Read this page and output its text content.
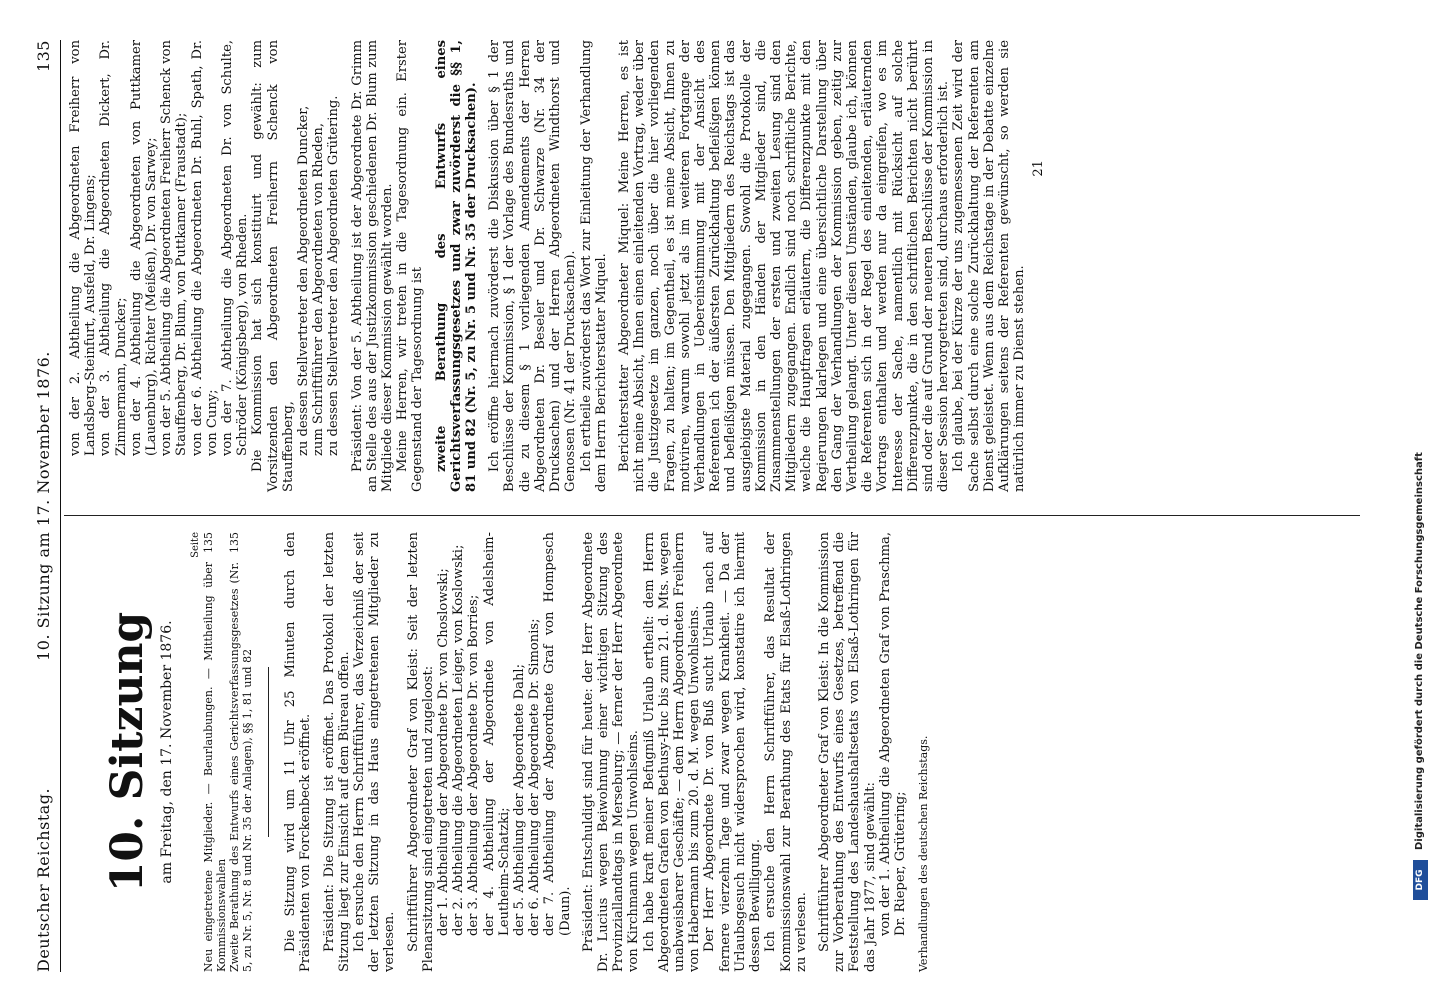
Deutscher Reichstag.
10. Sitzung am 17. November 1876.
135
10. Sitzung am Freitag, den 17. November 1876.
Seite
Neu eingetretene Mitglieder. — Beurlaubungen. — Mittheilung über Kommissionswahlen
135
Zweite Berathung des Entwurfs eines Gerichtsverfassungsgesetzes (Nr. 5, zu Nr. 5, Nr. 8 und Nr. 35 der Anlagen), §§ 1, 81 und 82
135	Die Sitzung wird um 11 Uhr 25 Minuten durch den Präsidenten von Forckenbeck eröffnet. Präsident: Die Sitzung ist eröffnet. Das Protokoll der letzten Sitzung liegt zur Einsicht auf dem Büreau offen. Ich ersuche den Herrn Schriftführer, das Verzeichniß der seit der letzten Sitzung in das Haus eingetretenen Mitglieder zu verlesen. Schriftführer Abgeordneter Graf von Kleist: Seit der letzten Plenarsitzung sind eingetreten und zugeloost: der 1. Abtheilung der Abgeordnete Dr. von Choslowski; der 2. Abtheilung die Abgeordneten Leiger, von Koslowski; der 3. Abtheilung der Abgeordnete Dr. von Borries; der 4. Abtheilung der Abgeordnete von Adelsheim-Leutheim-Schatzki; der 5. Abtheilung der Abgeordnete Dahl; der 6. Abtheilung der Abgeordnete Dr. Simonis; der 7. Abtheilung der Abgeordnete Graf von Hompesch (Daun). Präsident: Entschuldigt sind für heute: der Herr Abgeordnete Dr. Lucius wegen Beiwohnung einer wichtigen Sitzung des Provinziallandtags in Merseburg; — ferner der Herr Abgeordnete von Kirchmann wegen Unwohlseins. Ich habe kraft meiner Befugniß Urlaub ertheilt: dem Herrn Abgeordneten Grafen von Bethusy-Huc bis zum 21. d. Mts. wegen unabweisbarer Geschäfte; — dem Herrn Abgeordneten Freiherrn von Habermann bis zum 20. d. M. wegen Unwohlseins. Der Herr Abgeordnete Dr. von Buß sucht Urlaub nach auf fernere vierzehn Tage und zwar wegen Krankheit. — Da der Urlaubsgesuch nicht widersprochen wird, konstatire ich hiermit dessen Bewilligung. Ich ersuche den Herrn Schriftführer, das Resultat der Kommissionswahl zur Berathung des Etats für Elsaß-Lothringen zu verlesen. Schriftführer Abgeordneter Graf von Kleist: In die Kommission zur Vorberathung des Entwurfs eines Gesetzes, betreffend die Feststellung des Landeshaushaltsetats von Elsaß-Lothringen für das Jahr 1877, sind gewählt: von der 1. Abtheilung die Abgeordneten Graf von Praschma, Dr. Rieper, Grütering; Verhandlungen des deutschen Reichstags.

von der 2. Abtheilung die Abgeordneten Freiherr von Landsberg-Steinfurt, Ausfeld, Dr. Lingens; von der 3. Abtheilung die Abgeordneten Dickert, Dr. Zimmermann, Duncker; von der 4. Abtheilung die Abgeordneten von Puttkamer (Lauenburg), Richter (Meißen), Dr. von Sarwey; von der 5. Abtheilung die Abgeordneten Freiherr Schenck von Stauffenberg, Dr. Blum, von Puttkamer (Fraustadt); von der 6. Abtheilung die Abgeordneten Dr. Buhl, Spath, Dr. von Cuny; von der 7. Abtheilung die Abgeordneten Dr. von Schulte, Schröder (Königsberg), von Rheden. Die Kommission hat sich konstituirt und gewählt: zum Vorsitzenden den Abgeordneten Freiherrn Schenck von Stauffenberg, zu dessen Stellvertreter den Abgeordneten Duncker, zum Schriftführer den Abgeordneten von Rheden, zu dessen Stellvertreter den Abgeordneten Grütering. Präsident: Von der 5. Abtheilung ist der Abgeordnete Dr. Grimm an Stelle des aus der Justizkommission geschiedenen Dr. Blum zum Mitgliede dieser Kommission gewählt worden. Meine Herren, wir treten in die Tagesordnung ein. Erster Gegenstand der Tagesordnung ist zweite Berathung des Entwurfs eines Gerichtsverfassungsgesetzes und zwar zuvörderst die §§ 1, 81 und 82 (Nr. 5, zu Nr. 5 und Nr. 35 der Drucksachen). Ich eröffne hiermach zuvörderst die Diskussion über § 1 der Beschlüsse der Kommission, § 1 der Vorlage des Bundesraths und die zu diesem § 1 vorliegenden Amendements der Herren Abgeordneten Dr. Beseler und Dr. Schwarze (Nr. 34 der Drucksachen) und der Herren Abgeordneten Windthorst und Genossen (Nr. 41 der Drucksachen). Ich ertheile zuvörderst das Wort zur Einleitung der Verhandlung dem Herrn Berichterstatter Miquel. Berichterstatter Abgeordneter Miquel: Meine Herren, es ist nicht meine Absicht, Ihnen einen einleitenden Vortrag, weder über die Justizgesetze im ganzen, noch über die hier vorliegenden Fragen, zu halten; im Gegentheil, es ist meine Absicht, Ihnen zu motiviren, warum sowohl jetzt als im weiteren Fortgange der Verhandlungen in Uebereinstimmung mit der Ansicht des Referenten ich der äußersten Zurückhaltung befleißigen können und befleißigen müssen. Den Mitgliedern des Reichstags ist das ausgiebigste Material zugegangen. Sowohl die Protokolle der Kommission in den Händen der Mitglieder sind, die Zusammenstellungen der ersten und zweiten Lesung sind den Mitgliedern zugegangen. Endlich sind noch schriftliche Berichte, welche die Hauptfragen erläutern, die Differenzpunkte mit den Regierungen klarlegen und eine übersichtliche Darstellung über den Gang der Verhandlungen der Kommission geben, zeitig zur Vertheilung gelangt. Unter diesen Umständen, glaube ich, können die Referenten sich in der Regel des einleitenden, erläuternden Vortrags enthalten und werden nur da eingreifen, wo es im Interesse der Sache, namentlich mit Rücksicht auf solche Differenzpunkte, die in den schriftlichen Berichten nicht berührt sind oder die auf Grund der neueren Beschlüsse der Kommission in dieser Session hervorgetreten sind, durchaus erforderlich ist. Ich glaube, bei der Kürze der uns zugemessenen Zeit wird der Sache selbst durch eine solche Zurückhaltung der Referenten am Dienst geleistet. Wenn aus dem Reichstage in der Debatte einzelne Aufklärungen seitens der Referenten gewünscht, so werden sie natürlich immer zu Dienst stehen.

21

DFG
Digitalisierung gefördert durch die Deutsche Forschungsgemeinschaft
